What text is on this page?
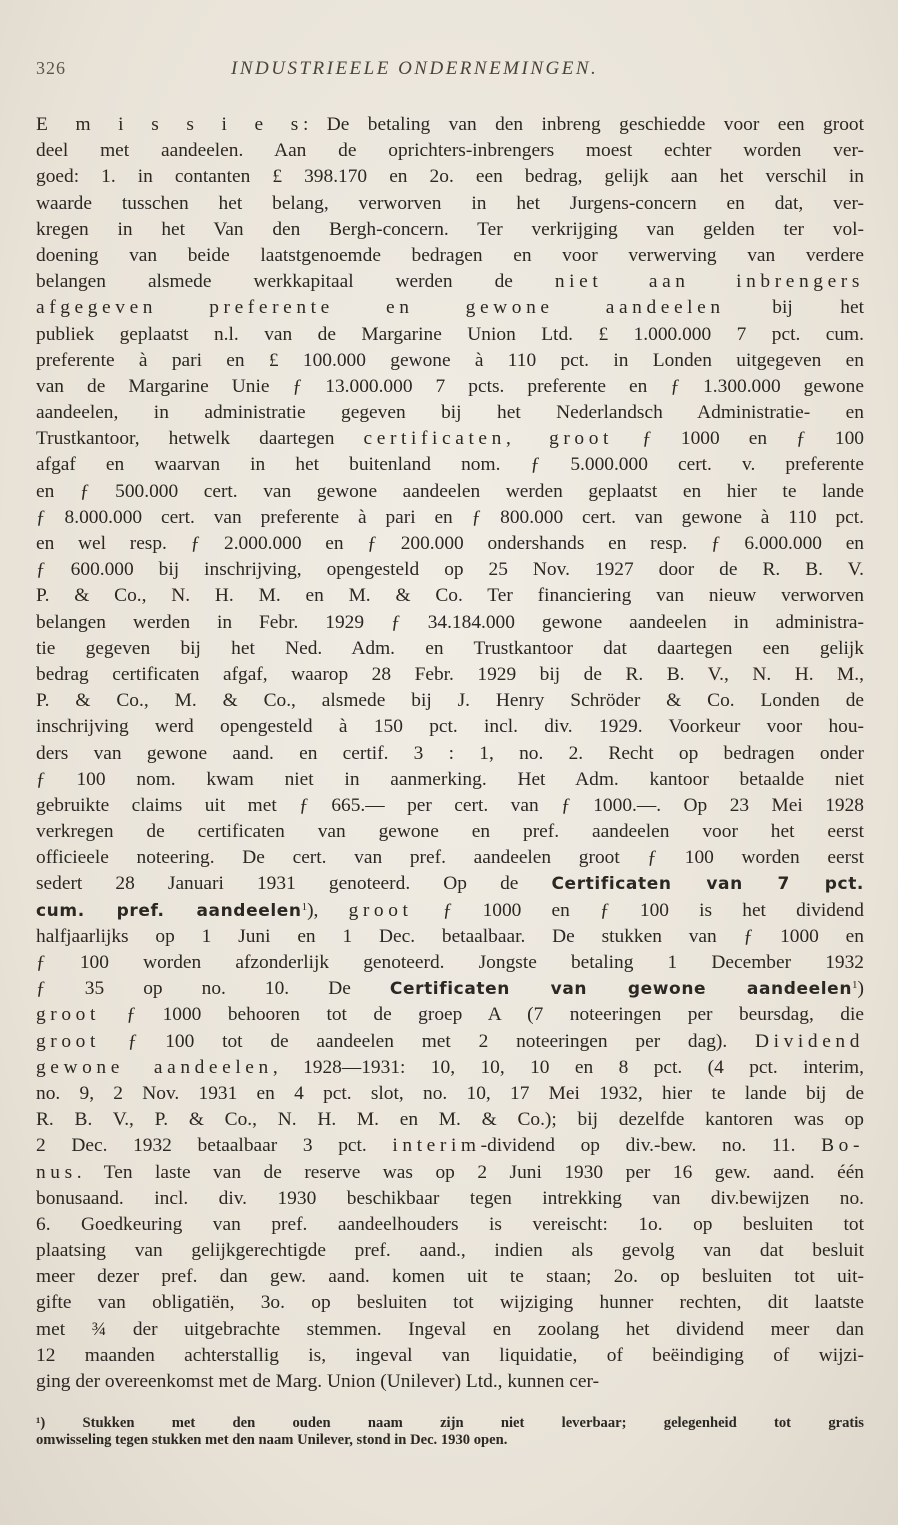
326	INDUSTRIEELE ONDERNEMINGEN.
E m i s s i e s: De betaling van den inbreng geschiedde voor een groot
deel met aandeelen. Aan de oprichters-inbrengers moest echter worden ver-
goed: 1. in contanten £ 398.170 en 2o. een bedrag, gelijk aan het verschil in
waarde tusschen het belang, verworven in het Jurgens-concern en dat, ver-
kregen in het Van den Bergh-concern. Ter verkrijging van gelden ter vol-
doening van beide laatstgenoemde bedragen en voor verwerving van verdere
belangen alsmede werkkapitaal werden de niet aan inbrengers
afgegeven preferente en gewone aandeelen bij het
publiek geplaatst n.l. van de Margarine Union Ltd. £ 1.000.000 7 pct. cum.
preferente à pari en £ 100.000 gewone à 110 pct. in Londen uitgegeven en
van de Margarine Unie ƒ 13.000.000 7 pcts. preferente en ƒ 1.300.000 gewone
aandeelen, in administratie gegeven bij het Nederlandsch Administratie- en
Trustkantoor, hetwelk daartegen certificaten, groot ƒ 1000 en ƒ 100
afgaf en waarvan in het buitenland nom. ƒ 5.000.000 cert. v. preferente
en ƒ 500.000 cert. van gewone aandeelen werden geplaatst en hier te lande
ƒ 8.000.000 cert. van preferente à pari en ƒ 800.000 cert. van gewone à 110 pct.
en wel resp. ƒ 2.000.000 en ƒ 200.000 ondershands en resp. ƒ 6.000.000 en
ƒ 600.000 bij inschrijving, opengesteld op 25 Nov. 1927 door de R. B. V.
P. & Co., N. H. M. en M. & Co. Ter financiering van nieuw verworven
belangen werden in Febr. 1929 ƒ 34.184.000 gewone aandeelen in administra-
tie gegeven bij het Ned. Adm. en Trustkantoor dat daartegen een gelijk
bedrag certificaten afgaf, waarop 28 Febr. 1929 bij de R. B. V., N. H. M.,
P. & Co., M. & Co., alsmede bij J. Henry Schröder & Co. Londen de
inschrijving werd opengesteld à 150 pct. incl. div. 1929. Voorkeur voor hou-
ders van gewone aand. en certif. 3 : 1, no. 2. Recht op bedragen onder
ƒ 100 nom. kwam niet in aanmerking. Het Adm. kantoor betaalde niet
gebruikte claims uit met ƒ 665.— per cert. van ƒ 1000.—. Op 23 Mei 1928
verkregen de certificaten van gewone en pref. aandeelen voor het eerst
officieele noteering. De cert. van pref. aandeelen groot ƒ 100 worden eerst
sedert 28 Januari 1931 genoteerd. Op de Certificaten van 7 pct.
cum. pref. aandeelen$^1$), groot ƒ 1000 en ƒ 100 is het dividend
halfjaarlijks op 1 Juni en 1 Dec. betaalbaar. De stukken van ƒ 1000 en
ƒ 100 worden afzonderlijk genoteerd. Jongste betaling 1 December 1932
ƒ 35 op no. 10. De Certificaten van gewone aandeelen$^1$)
groot ƒ 1000 behooren tot de groep A (7 noteeringen per beursdag, die
groot ƒ 100 tot de aandeelen met 2 noteeringen per dag). Dividend
gewone aandeelen, 1928—1931: 10, 10, 10 en 8 pct. (4 pct. interim,
no. 9, 2 Nov. 1931 en 4 pct. slot, no. 10, 17 Mei 1932, hier te lande bij de
R. B. V., P. & Co., N. H. M. en M. & Co.); bij dezelfde kantoren was op
2 Dec. 1932 betaalbaar 3 pct. interim-dividend op div.-bew. no. 11. Bo-
nus. Ten laste van de reserve was op 2 Juni 1930 per 16 gew. aand. één
bonusaand. incl. div. 1930 beschikbaar tegen intrekking van div.bewijzen no.
6. Goedkeuring van pref. aandeelhouders is vereischt: 1o. op besluiten tot
plaatsing van gelijkgerechtigde pref. aand., indien als gevolg van dat besluit
meer dezer pref. dan gew. aand. komen uit te staan; 2o. op besluiten tot uit-
gifte van obligatiën, 3o. op besluiten tot wijziging hunner rechten, dit laatste
met ¾ der uitgebrachte stemmen. Ingeval en zoolang het dividend meer dan
12 maanden achterstallig is, ingeval van liquidatie, of beëindiging of wijzi-
ging der overeenkomst met de Marg. Union (Unilever) Ltd., kunnen cer-
¹) Stukken met den ouden naam zijn niet leverbaar; gelegenheid tot gratis
omwisseling tegen stukken met den naam Unilever, stond in Dec. 1930 open.
